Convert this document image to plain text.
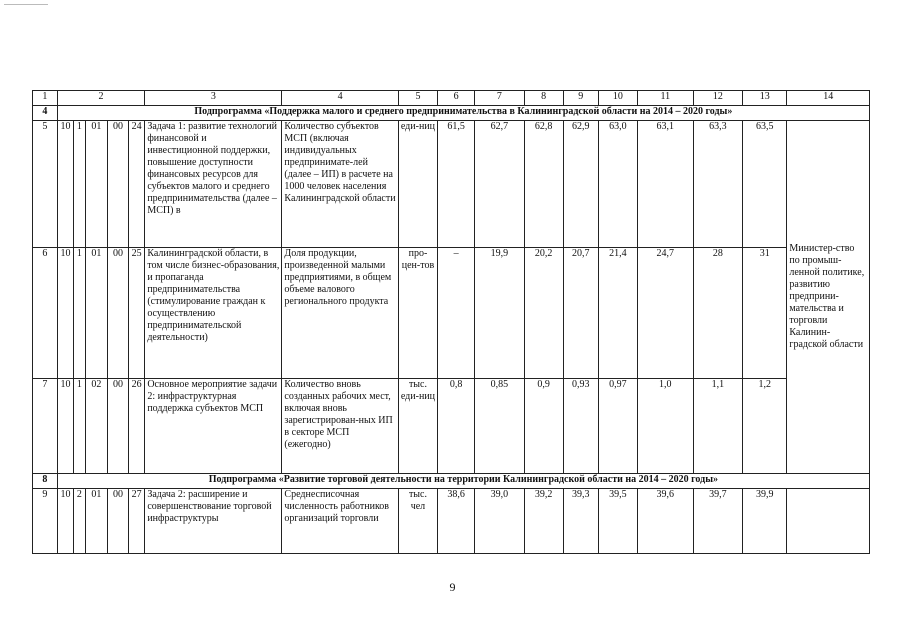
1	2					3	4	5	6	7	8	9	10	11	12	13	14
4	Подпрограмма «Поддержка малого и среднего предпринимательства в Калининградской области на 2014 – 2020 годы»																
5	10	1	01	00	24	Задача 1: развитие технологий финансовой и инвестиционной поддержки, повышение доступности финансовых ресурсов для субъектов малого и среднего предпринимательства (далее – МСП) в	Количество субъектов МСП (включая индивидуальных предпринимате-лей (далее – ИП) в расчете на 1000 человек населения Калининградской области	еди-ниц	61,5	62,7	62,8	62,9	63,0	63,1	63,3	63,5	Министер-ство по промыш-ленной политике, развитию предприни-мательства и торговли Калинин-градской области
6	10	1	01	00	25	Калининградской области, в том числе бизнес-образования, и пропаганда предпринимательства (стимулирование граждан к осуществлению предпринимательской деятельности)	Доля продукции, произведенной малыми предприятиями, в общем объеме валового регионального продукта	про-цен-тов	–	19,9	20,2	20,7	21,4	24,7	28	31	
7	10	1	02	00	26	Основное мероприятие задачи 2: инфраструктурная поддержка субъектов МСП	Количество вновь созданных рабочих мест, включая вновь зарегистрирован-ных ИП в секторе МСП (ежегодно)	тыс. еди-ниц	0,8	0,85	0,9	0,93	0,97	1,0	1,1	1,2	
8	Подпрограмма «Развитие торговой деятельности на территории Калининградской области на 2014 – 2020 годы»																
9	10	2	01	00	27	Задача 2: расширение и совершенствование торговой инфраструктуры	Среднесписочная численность работников организаций торговли	тыс. чел	38,6	39,0	39,2	39,3	39,5	39,6	39,7	39,9	
9
